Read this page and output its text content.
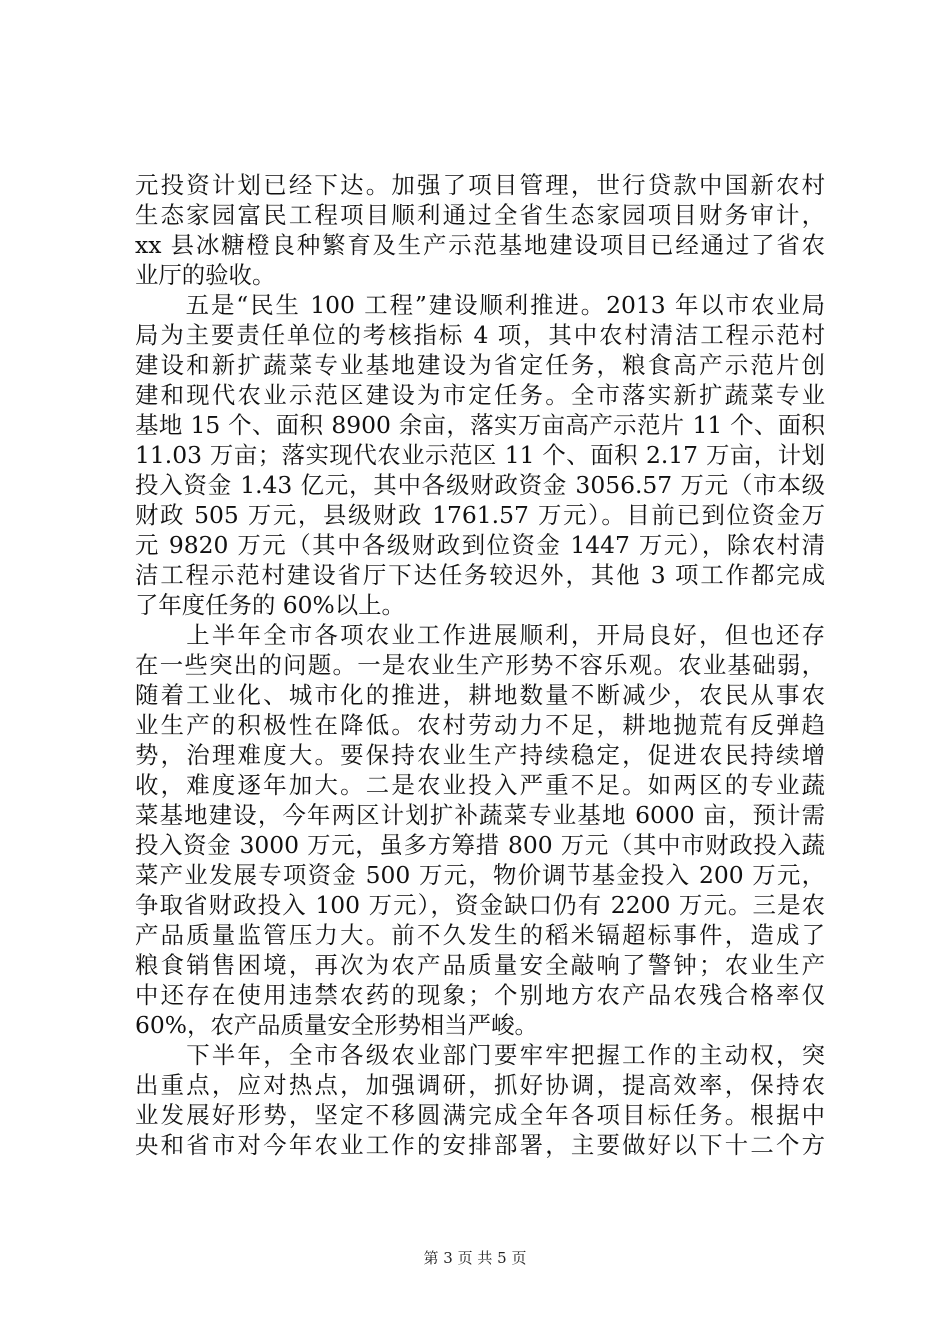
元投资计划已经下达。加强了项目管理，世行贷款中国新农村
生态家园富民工程项目顺利通过全省生态家园项目财务审计，
xx 县冰糖橙良种繁育及生产示范基地建设项目已经通过了省农
业厅的验收。
　　五是“民生 100 工程”建设顺利推进。2013 年以市农业局
局为主要责任单位的考核指标 4 项，其中农村清洁工程示范村
建设和新扩蔬菜专业基地建设为省定任务，粮食高产示范片创
建和现代农业示范区建设为市定任务。全市落实新扩蔬菜专业
基地 15 个、面积 8900 余亩，落实万亩高产示范片 11 个、面积
11.03 万亩；落实现代农业示范区 11 个、面积 2.17 万亩，计划
投入资金 1.43 亿元，其中各级财政资金 3056.57 万元（市本级
财政 505 万元，县级财政 1761.57 万元）。目前已到位资金万
元 9820 万元（其中各级财政到位资金 1447 万元），除农村清
洁工程示范村建设省厅下达任务较迟外，其他 3 项工作都完成
了年度任务的 60%以上。
　　上半年全市各项农业工作进展顺利，开局良好，但也还存
在一些突出的问题。一是农业生产形势不容乐观。农业基础弱，
随着工业化、城市化的推进，耕地数量不断减少，农民从事农
业生产的积极性在降低。农村劳动力不足，耕地抛荒有反弹趋
势，治理难度大。要保持农业生产持续稳定，促进农民持续增
收，难度逐年加大。二是农业投入严重不足。如两区的专业蔬
菜基地建设，今年两区计划扩补蔬菜专业基地 6000 亩，预计需
投入资金 3000 万元，虽多方筹措 800 万元（其中市财政投入蔬
菜产业发展专项资金 500 万元，物价调节基金投入 200 万元，
争取省财政投入 100 万元），资金缺口仍有 2200 万元。三是农
产品质量监管压力大。前不久发生的稻米镉超标事件，造成了
粮食销售困境，再次为农产品质量安全敲响了警钟；农业生产
中还存在使用违禁农药的现象；个别地方农产品农残合格率仅
60%，农产品质量安全形势相当严峻。
　　下半年，全市各级农业部门要牢牢把握工作的主动权，突
出重点，应对热点，加强调研，抓好协调，提高效率，保持农
业发展好形势，坚定不移圆满完成全年各项目标任务。根据中
央和省市对今年农业工作的安排部署，主要做好以下十二个方
第 3 页 共 5 页
